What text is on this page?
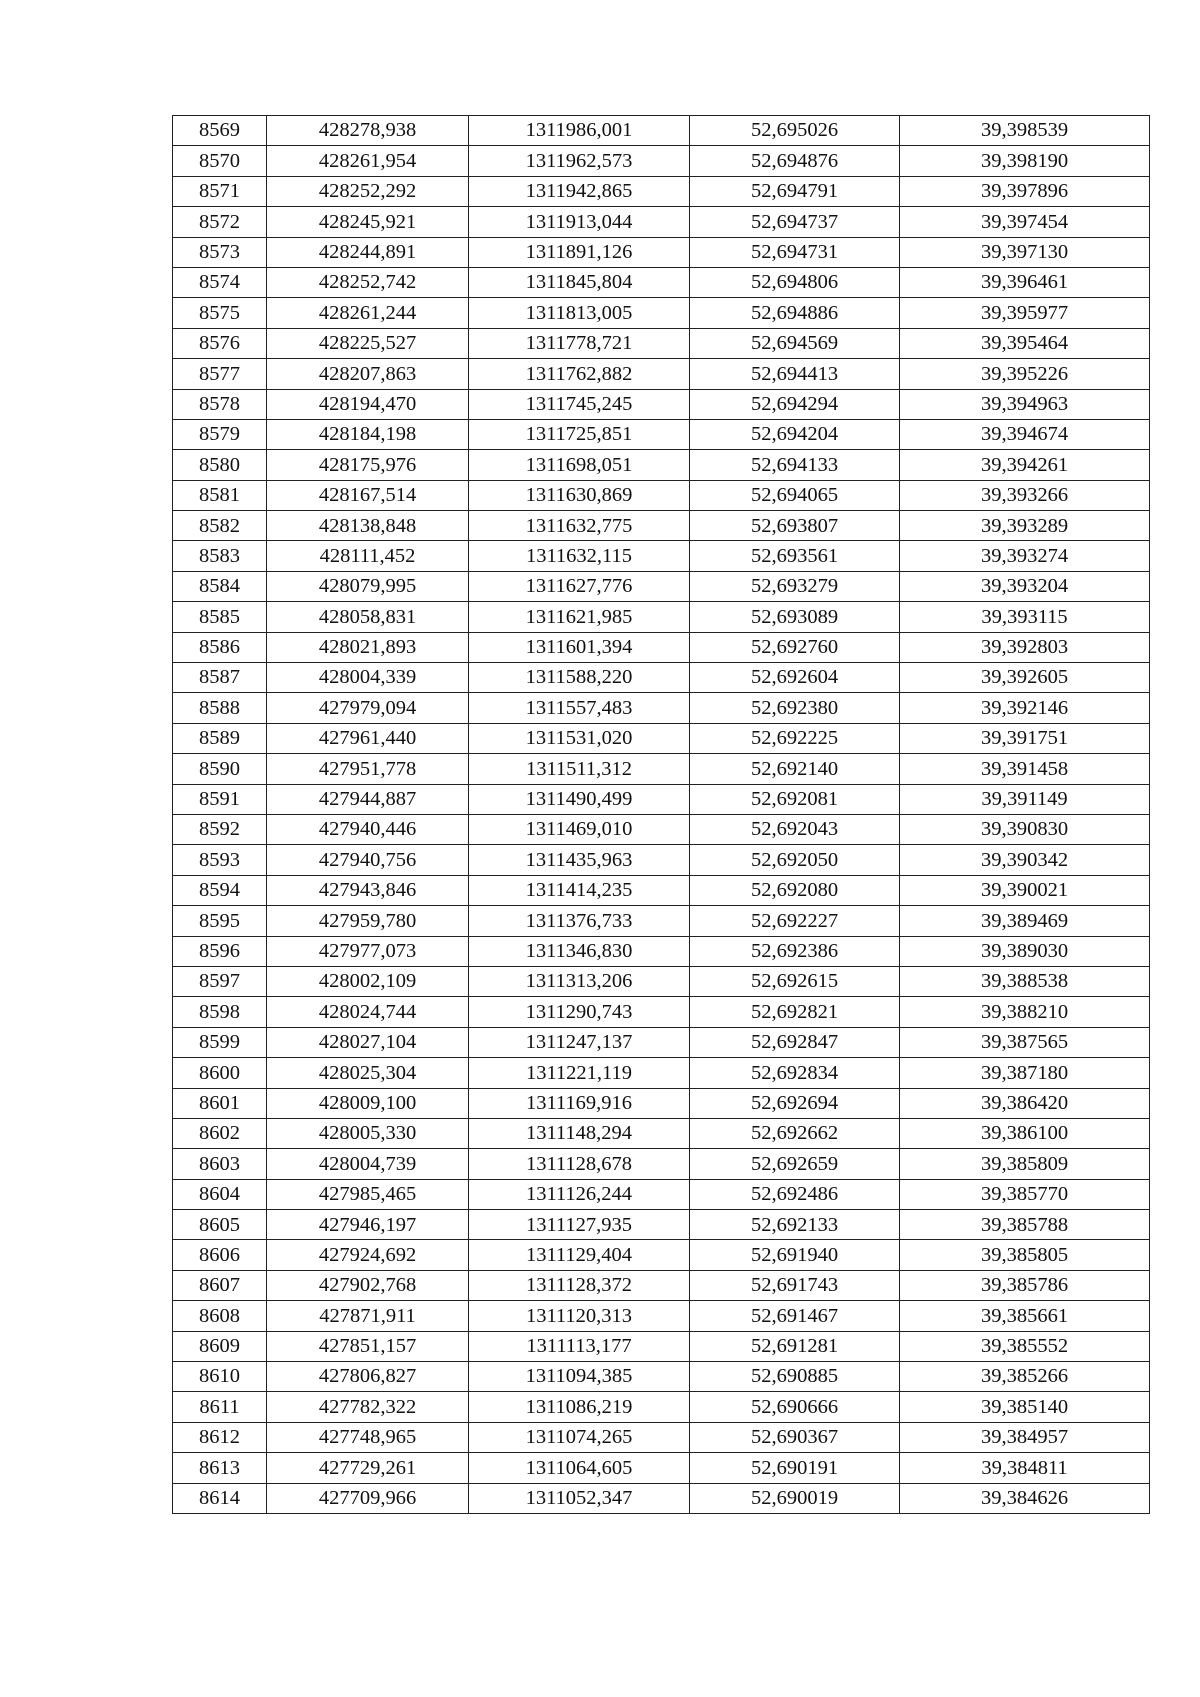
8569	428278,938	1311986,001	52,695026	39,398539
8570	428261,954	1311962,573	52,694876	39,398190
8571	428252,292	1311942,865	52,694791	39,397896
8572	428245,921	1311913,044	52,694737	39,397454
8573	428244,891	1311891,126	52,694731	39,397130
8574	428252,742	1311845,804	52,694806	39,396461
8575	428261,244	1311813,005	52,694886	39,395977
8576	428225,527	1311778,721	52,694569	39,395464
8577	428207,863	1311762,882	52,694413	39,395226
8578	428194,470	1311745,245	52,694294	39,394963
8579	428184,198	1311725,851	52,694204	39,394674
8580	428175,976	1311698,051	52,694133	39,394261
8581	428167,514	1311630,869	52,694065	39,393266
8582	428138,848	1311632,775	52,693807	39,393289
8583	428111,452	1311632,115	52,693561	39,393274
8584	428079,995	1311627,776	52,693279	39,393204
8585	428058,831	1311621,985	52,693089	39,393115
8586	428021,893	1311601,394	52,692760	39,392803
8587	428004,339	1311588,220	52,692604	39,392605
8588	427979,094	1311557,483	52,692380	39,392146
8589	427961,440	1311531,020	52,692225	39,391751
8590	427951,778	1311511,312	52,692140	39,391458
8591	427944,887	1311490,499	52,692081	39,391149
8592	427940,446	1311469,010	52,692043	39,390830
8593	427940,756	1311435,963	52,692050	39,390342
8594	427943,846	1311414,235	52,692080	39,390021
8595	427959,780	1311376,733	52,692227	39,389469
8596	427977,073	1311346,830	52,692386	39,389030
8597	428002,109	1311313,206	52,692615	39,388538
8598	428024,744	1311290,743	52,692821	39,388210
8599	428027,104	1311247,137	52,692847	39,387565
8600	428025,304	1311221,119	52,692834	39,387180
8601	428009,100	1311169,916	52,692694	39,386420
8602	428005,330	1311148,294	52,692662	39,386100
8603	428004,739	1311128,678	52,692659	39,385809
8604	427985,465	1311126,244	52,692486	39,385770
8605	427946,197	1311127,935	52,692133	39,385788
8606	427924,692	1311129,404	52,691940	39,385805
8607	427902,768	1311128,372	52,691743	39,385786
8608	427871,911	1311120,313	52,691467	39,385661
8609	427851,157	1311113,177	52,691281	39,385552
8610	427806,827	1311094,385	52,690885	39,385266
8611	427782,322	1311086,219	52,690666	39,385140
8612	427748,965	1311074,265	52,690367	39,384957
8613	427729,261	1311064,605	52,690191	39,384811
8614	427709,966	1311052,347	52,690019	39,384626
